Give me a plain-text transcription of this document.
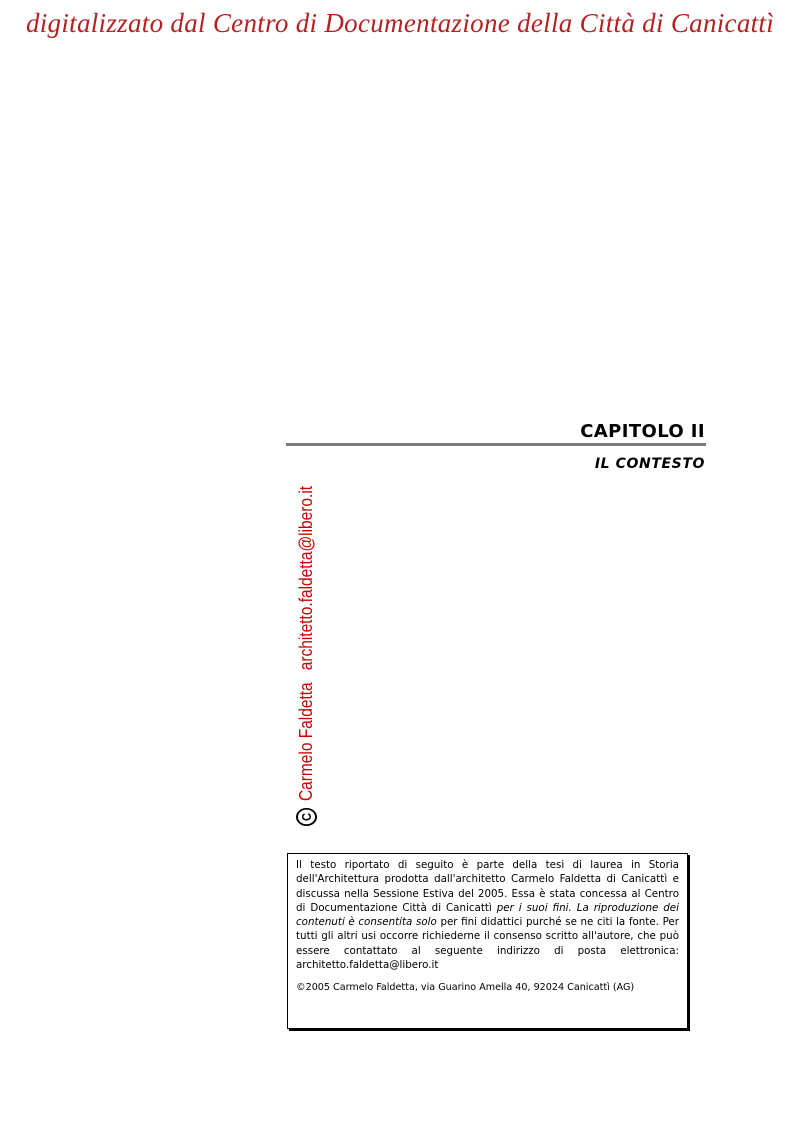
digitalizzato dal Centro di Documentazione della Città di Canicattì
CAPITOLO II
IL CONTESTO
C
Carmelo Faldetta
architetto.faldetta@libero.it
Il testo riportato di seguito è parte della tesi di laurea in Storia dell'Architettura prodotta dall'architetto Carmelo Faldetta di Canicattì e discussa nella Sessione Estiva del 2005. Essa è stata concessa al Centro di Documentazione Città di Canicattì per i suoi fini. La riproduzione dei contenuti è consentita solo per fini didattici purché se ne citi la fonte. Per tutti gli altri usi occorre richiederne il consenso scritto all'autore, che può essere contattato al seguente indirizzo di posta elettronica: architetto.faldetta@libero.it
©2005 Carmelo Faldetta, via Guarino Amella 40, 92024 Canicattì (AG)
